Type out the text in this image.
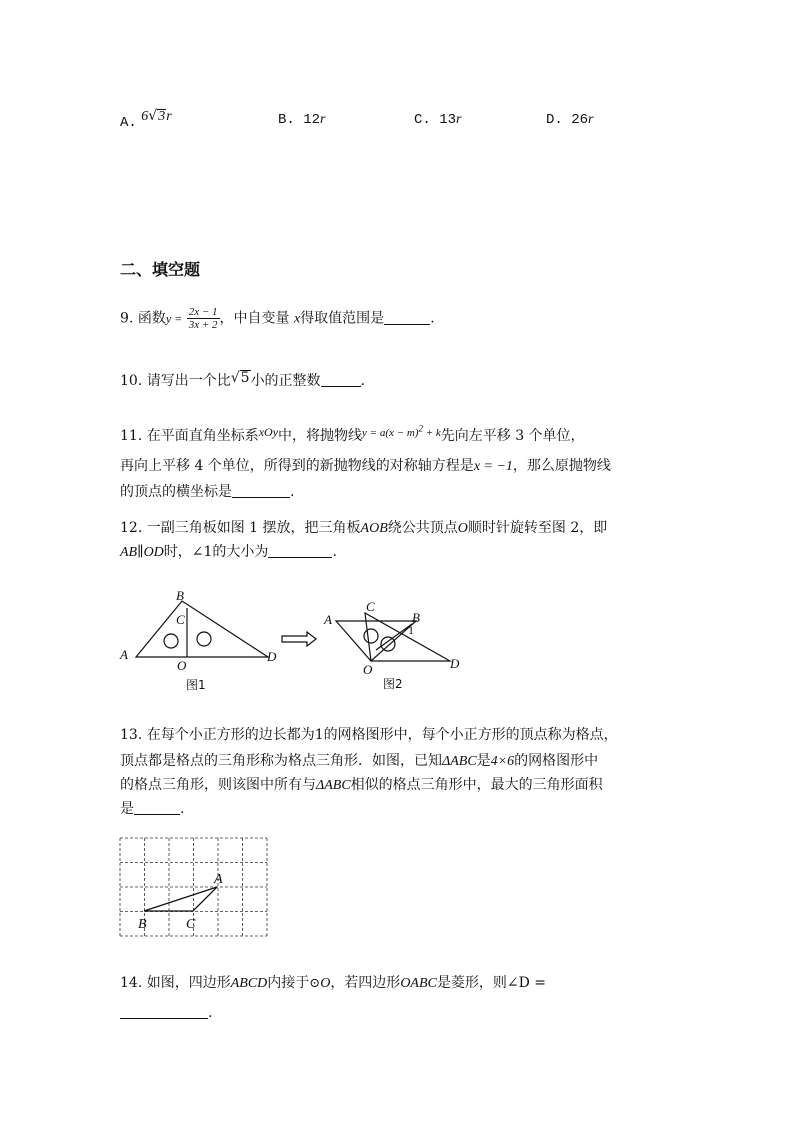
A. 6√3r	B. 12r	C. 13r	D. 26r
二、填空题
9. 函数$y = \frac{2x - 1}{3x + 2}$ ，中自变量 x得取值范围是	.
10. 请写出一个比√5小的正整数	.
11. 在平面直角坐标系xOy中，将抛物线$^{y = a(x - m)^2 + k}$先向左平移 3 个单位，
再向上平移 4 个单位，所得到的新抛物线的对称轴方程是x = −1，那么原抛物线
的顶点的横坐标是	.
12. 一副三角板如图 1 摆放，把三角板AOB绕公共顶点O顺时针旋转至图 2，即
AB∥OD时，∠1的大小为	.
A
B
C
O
D
A
C
B
O	D
1
图1	图2
13. 在每个小正方形的边长都为1的网格图形中，每个小正方形的顶点称为格点，
顶点都是格点的三角形称为格点三角形．如图，已知ΔABC是4×6的网格图形中
的格点三角形，则该图中所有与ΔABC相似的格点三角形中，最大的三角形面积
是	.
A
B	C
14. 如图，四边形ABCD内接于⊙O，若四边形OABC是菱形，则∠D =
.
